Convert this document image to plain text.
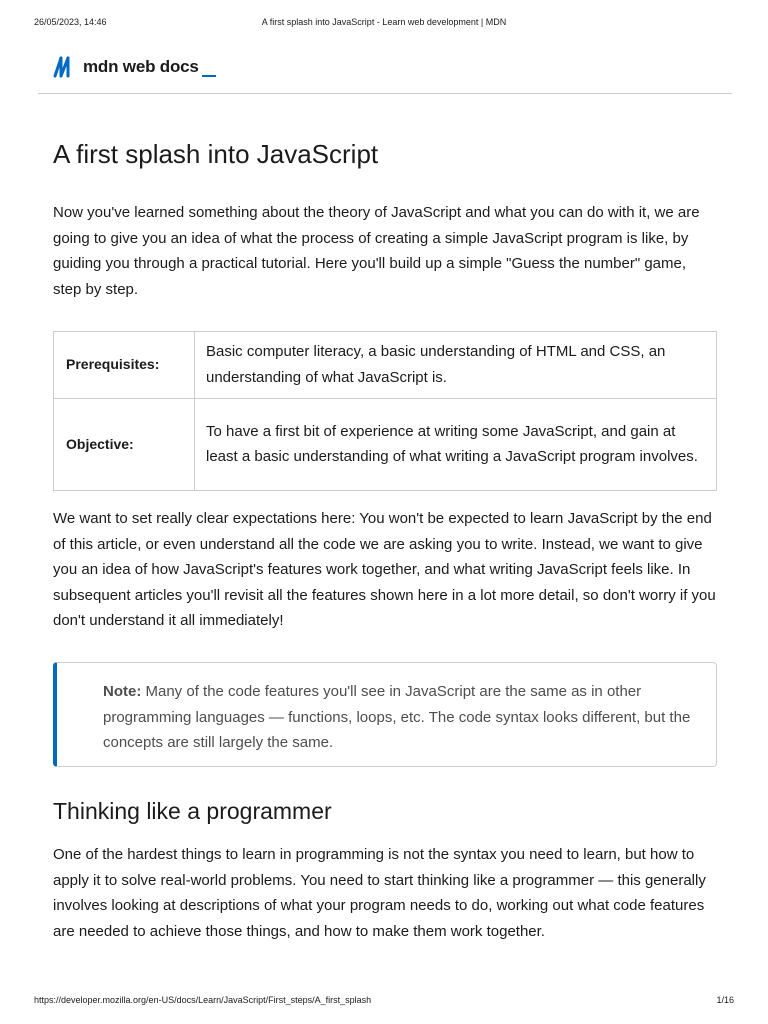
26/05/2023, 14:46	A first splash into JavaScript - Learn web development | MDN
mdn web docs
A first splash into JavaScript

Now you've learned something about the theory of JavaScript and what you can do with it, we are going to give you an idea of what the process of creating a simple JavaScript program is like, by guiding you through a practical tutorial. Here you'll build up a simple "Guess the number" game, step by step.

Prerequisites:	Basic computer literacy, a basic understanding of HTML and CSS, an understanding of what JavaScript is.
Objective:	To have a first bit of experience at writing some JavaScript, and gain at least a basic understanding of what writing a JavaScript program involves.

We want to set really clear expectations here: You won't be expected to learn JavaScript by the end of this article, or even understand all the code we are asking you to write. Instead, we want to give you an idea of how JavaScript's features work together, and what writing JavaScript feels like. In subsequent articles you'll revisit all the features shown here in a lot more detail, so don't worry if you don't understand it all immediately!

Note: Many of the code features you'll see in JavaScript are the same as in other programming languages — functions, loops, etc. The code syntax looks different, but the concepts are still largely the same.

Thinking like a programmer

One of the hardest things to learn in programming is not the syntax you need to learn, but how to apply it to solve real-world problems. You need to start thinking like a programmer — this generally involves looking at descriptions of what your program needs to do, working out what code features are needed to achieve those things, and how to make them work together.

https://developer.mozilla.org/en-US/docs/Learn/JavaScript/First_steps/A_first_splash	1/16
